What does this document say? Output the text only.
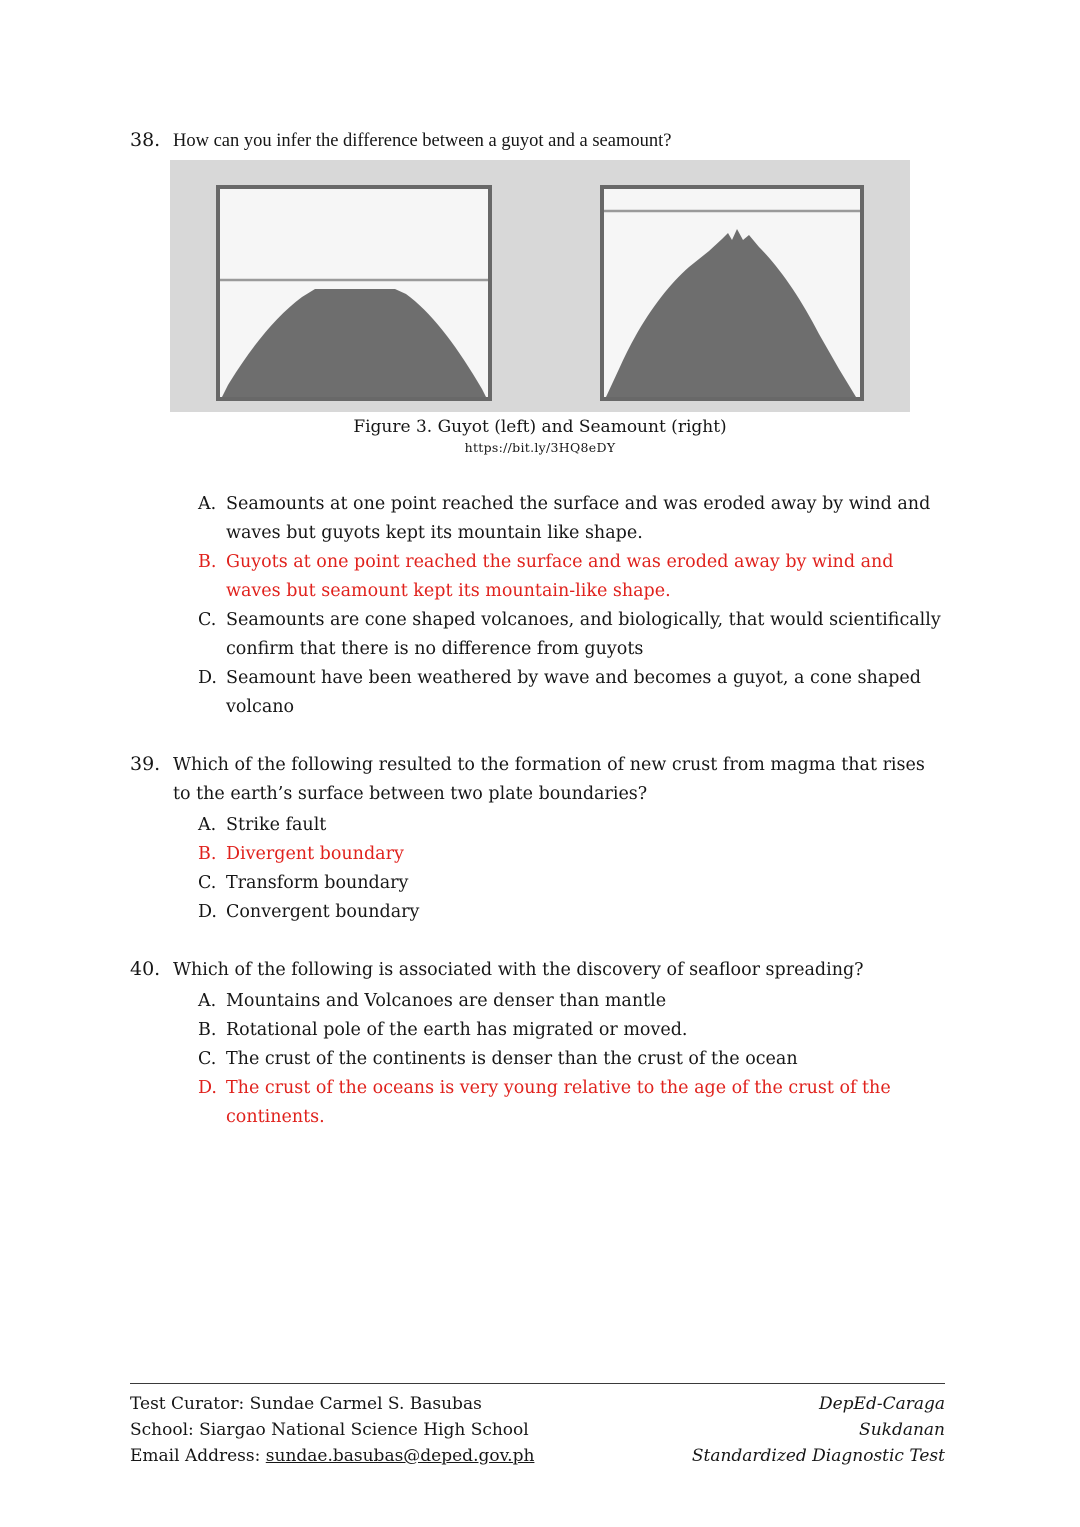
38. How can you infer the difference between a guyot and a seamount?
Figure 3. Guyot (left) and Seamount (right)
https://bit.ly/3HQ8eDY
A. Seamounts at one point reached the surface and was eroded away by wind and waves but guyots kept its mountain like shape.
B. Guyots at one point reached the surface and was eroded away by wind and waves but seamount kept its mountain-like shape.
C. Seamounts are cone shaped volcanoes, and biologically, that would scientifically confirm that there is no difference from guyots
D. Seamount have been weathered by wave and becomes a guyot, a cone shaped volcano
39. Which of the following resulted to the formation of new crust from magma that rises to the earth’s surface between two plate boundaries?
A. Strike fault
B. Divergent boundary
C. Transform boundary
D. Convergent boundary
40. Which of the following is associated with the discovery of seafloor spreading?
A. Mountains and Volcanoes are denser than mantle
B. Rotational pole of the earth has migrated or moved.
C. The crust of the continents is denser than the crust of the ocean
D. The crust of the oceans is very young relative to the age of the crust of the continents.
Test Curator: Sundae Carmel S. Basubas
School: Siargao National Science High School
Email Address: sundae.basubas@deped.gov.ph
DepEd-Caraga
Sukdanan
Standardized Diagnostic Test
